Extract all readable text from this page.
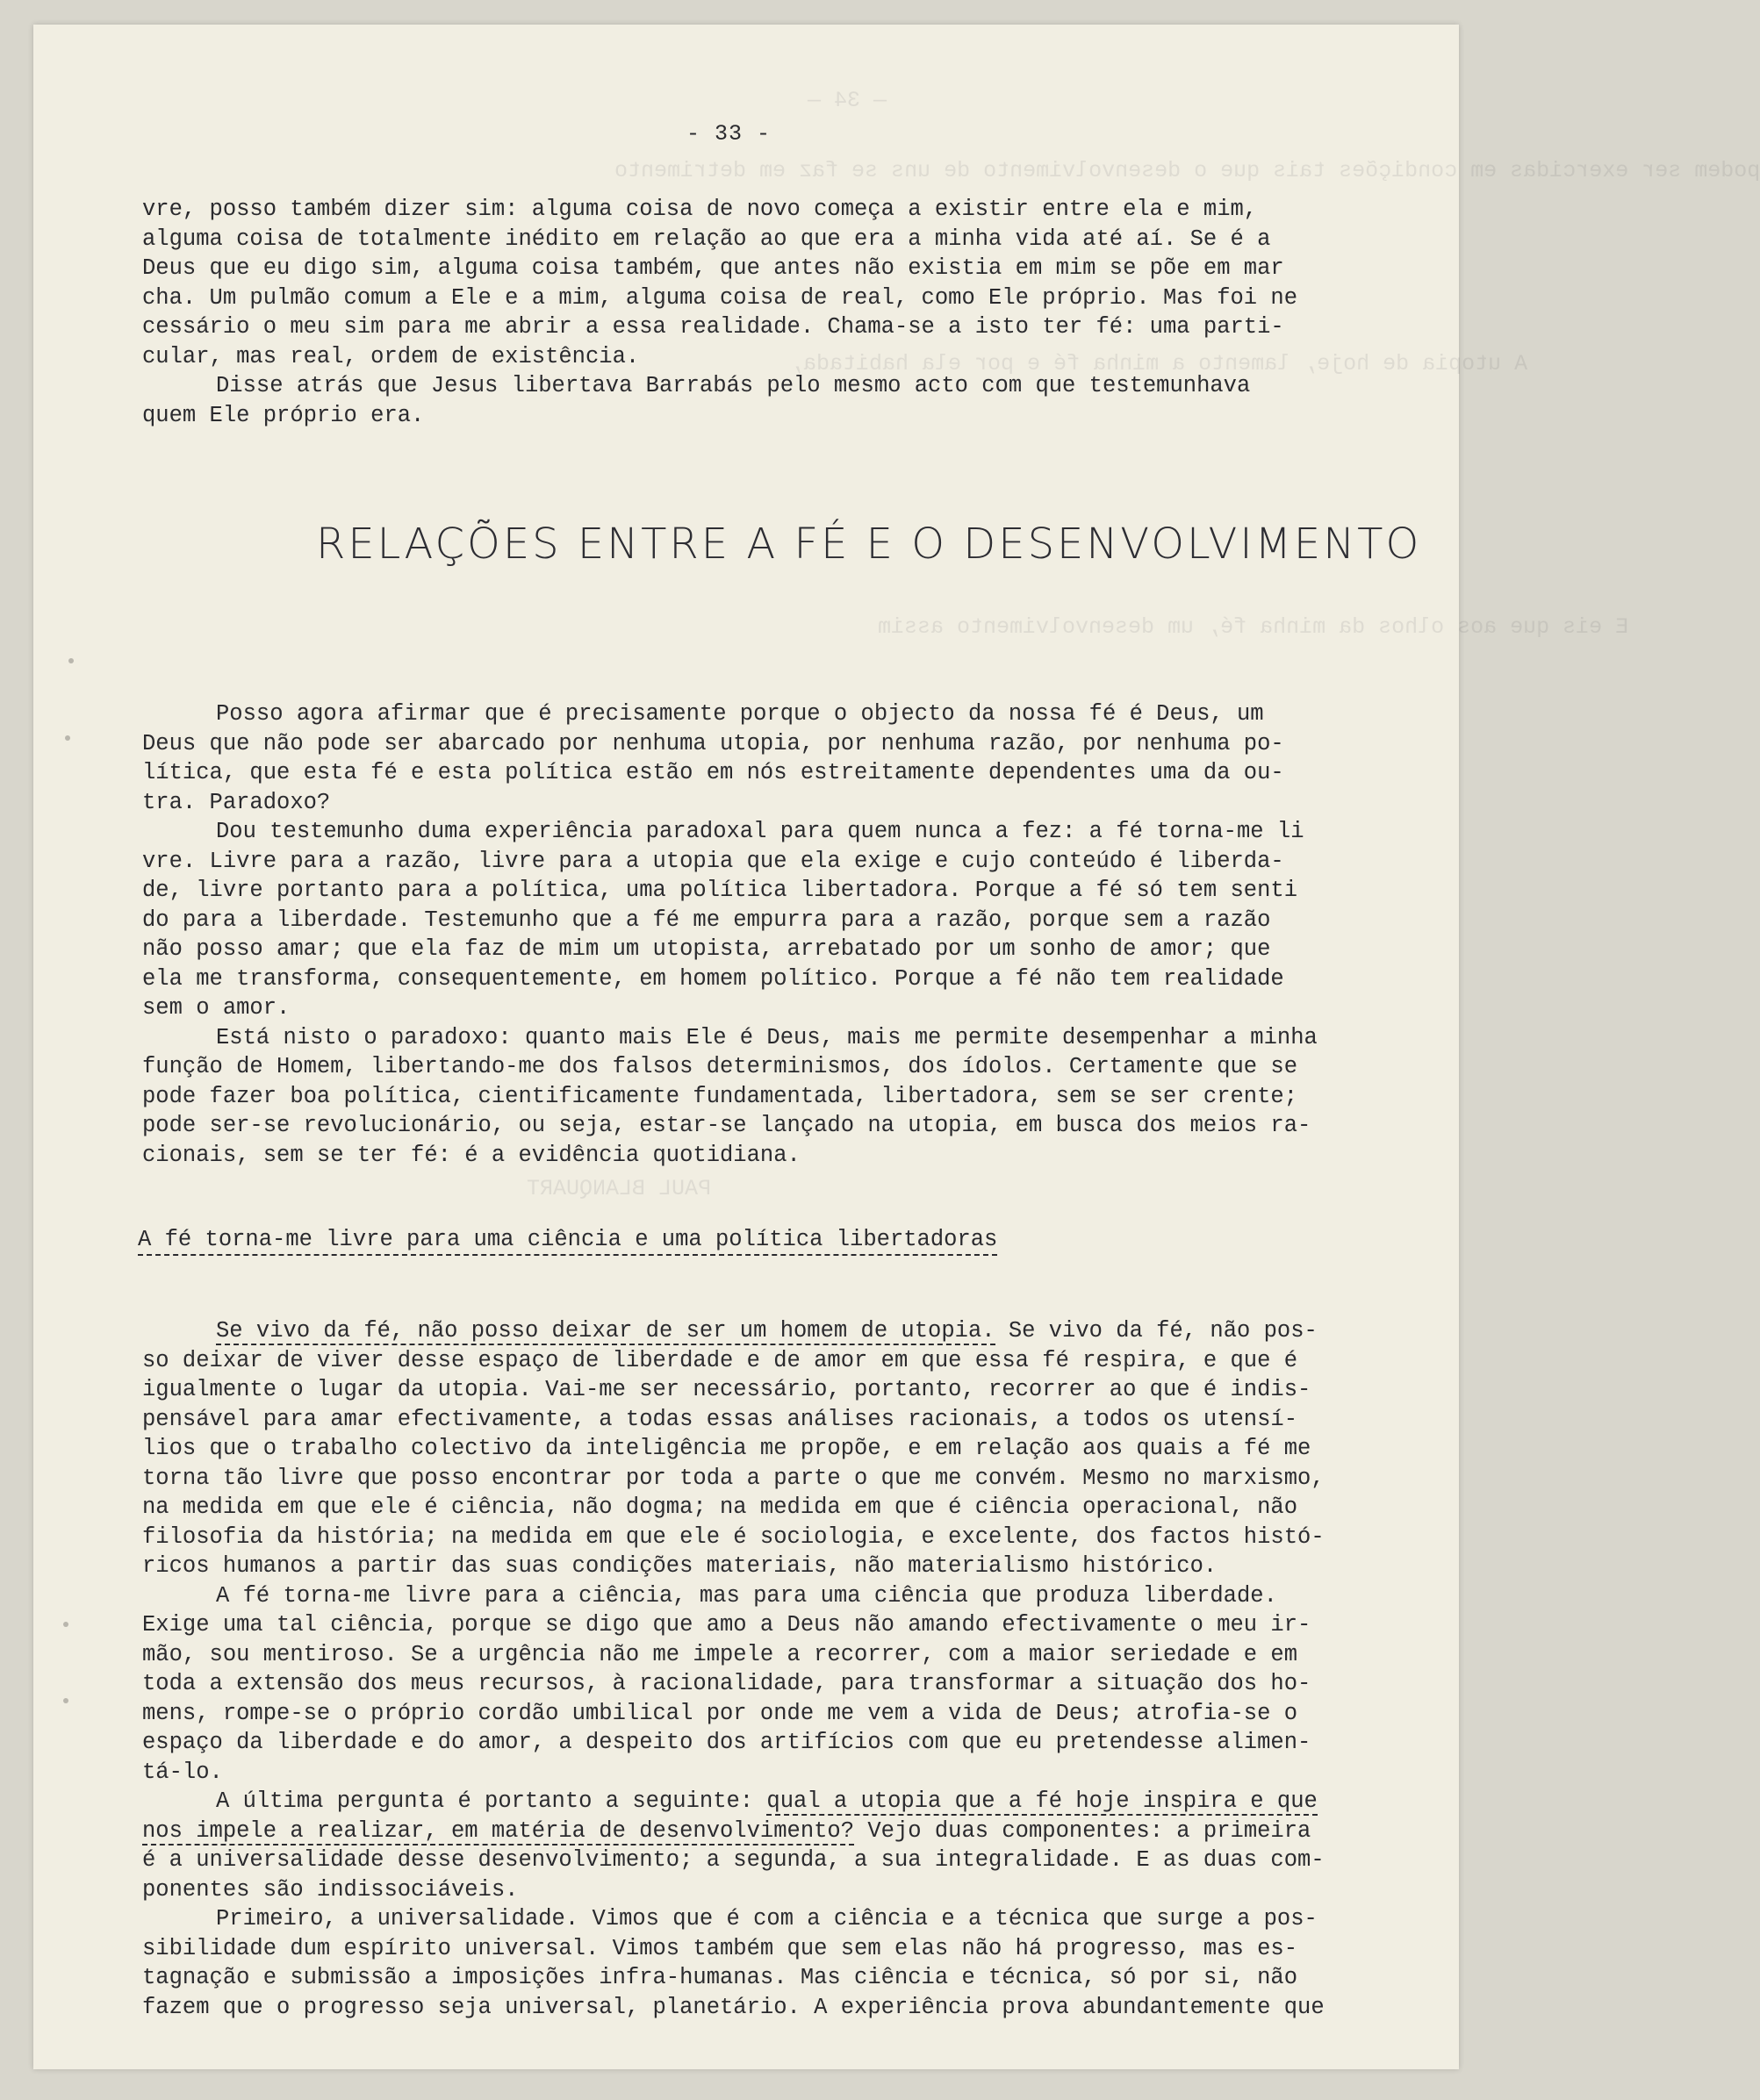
— 34 —
podem ser exercidas em condições tais que o desenvolvimento de uns se faz em detrimento
A utopia de hoje, lamento a minha fé e por ela habitada,
E eis que aos olhos da minha fé, um desenvolvimento assim
PAUL BLANQUART
- 33 -

vre, posso também dizer sim: alguma coisa de novo começa a existir entre ela e mim,

alguma coisa de totalmente inédito em relação ao que era a minha vida até aí. Se é a

Deus que eu digo sim, alguma coisa também, que antes não existia em mim se põe em mar

cha. Um pulmão comum a Ele e a mim, alguma coisa de real, como Ele próprio. Mas foi ne

cessário o meu sim para me abrir a essa realidade. Chama-se a isto ter fé: uma parti-

cular, mas real, ordem de existência.

Disse atrás que Jesus libertava Barrabás pelo mesmo acto com que testemunhava

quem Ele próprio era.

RELAÇÕES ENTRE A FÉ E O DESENVOLVIMENTO

Posso agora afirmar que é precisamente porque o objecto da nossa fé é Deus, um

Deus que não pode ser abarcado por nenhuma utopia, por nenhuma razão, por nenhuma po-

lítica, que esta fé e esta política estão em nós estreitamente dependentes uma da ou-

tra. Paradoxo?

Dou testemunho duma experiência paradoxal para quem nunca a fez: a fé torna-me li

vre. Livre para a razão, livre para a utopia que ela exige e cujo conteúdo é liberda-

de, livre portanto para a política, uma política libertadora. Porque a fé só tem senti

do para a liberdade. Testemunho que a fé me empurra para a razão, porque sem a razão

não posso amar; que ela faz de mim um utopista, arrebatado por um sonho de amor; que

ela me transforma, consequentemente, em homem político. Porque a fé não tem realidade

sem o amor.

Está nisto o paradoxo: quanto mais Ele é Deus, mais me permite desempenhar a minha

função de Homem, libertando-me dos falsos determinismos, dos ídolos. Certamente que se

pode fazer boa política, cientificamente fundamentada, libertadora, sem se ser crente;

pode ser-se revolucionário, ou seja, estar-se lançado na utopia, em busca dos meios ra-

cionais, sem se ter fé: é a evidência quotidiana.

A fé torna-me livre para uma ciência e uma política libertadoras

Se vivo da fé, não posso deixar de ser um homem de utopia. Se vivo da fé, não pos-

so deixar de viver desse espaço de liberdade e de amor em que essa fé respira, e que é

igualmente o lugar da utopia. Vai-me ser necessário, portanto, recorrer ao que é indis-

pensável para amar efectivamente, a todas essas análises racionais, a todos os utensí-

lios que o trabalho colectivo da inteligência me propõe, e em relação aos quais a fé me

torna tão livre que posso encontrar por toda a parte o que me convém. Mesmo no marxismo,

na medida em que ele é ciência, não dogma; na medida em que é ciência operacional, não

filosofia da história; na medida em que ele é sociologia, e excelente, dos factos histó-

ricos humanos a partir das suas condições materiais, não materialismo histórico.

A fé torna-me livre para a ciência, mas para uma ciência que produza liberdade.

Exige uma tal ciência, porque se digo que amo a Deus não amando efectivamente o meu ir-

mão, sou mentiroso. Se a urgência não me impele a recorrer, com a maior seriedade e em

toda a extensão dos meus recursos, à racionalidade, para transformar a situação dos ho-

mens, rompe-se o próprio cordão umbilical por onde me vem a vida de Deus; atrofia-se o

espaço da liberdade e do amor, a despeito dos artifícios com que eu pretendesse alimen-

tá-lo.

A última pergunta é portanto a seguinte: qual a utopia que a fé hoje inspira e que

nos impele a realizar, em matéria de desenvolvimento? Vejo duas componentes: a primeira

é a universalidade desse desenvolvimento; a segunda, a sua integralidade. E as duas com-

ponentes são indissociáveis.

Primeiro, a universalidade. Vimos que é com a ciência e a técnica que surge a pos-

sibilidade dum espírito universal. Vimos também que sem elas não há progresso, mas es-

tagnação e submissão a imposições infra-humanas. Mas ciência e técnica, só por si, não

fazem que o progresso seja universal, planetário. A experiência prova abundantemente que
